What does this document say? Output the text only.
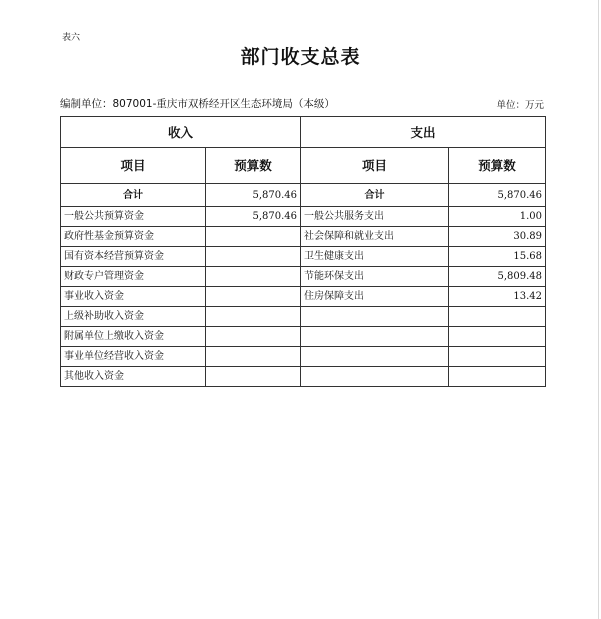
表六
部门收支总表
编制单位：807001-重庆市双桥经开区生态环境局（本级）	单位：万元
收入		支出	
项目	预算数	项目	预算数
合计	5,870.46	合计	5,870.46
一般公共预算资金	5,870.46	一般公共服务支出	1.00
政府性基金预算资金		社会保障和就业支出	30.89
国有资本经营预算资金		卫生健康支出	15.68
财政专户管理资金		节能环保支出	5,809.48
事业收入资金		住房保障支出	13.42
上级补助收入资金			
附属单位上缴收入资金			
事业单位经营收入资金			
其他收入资金			
